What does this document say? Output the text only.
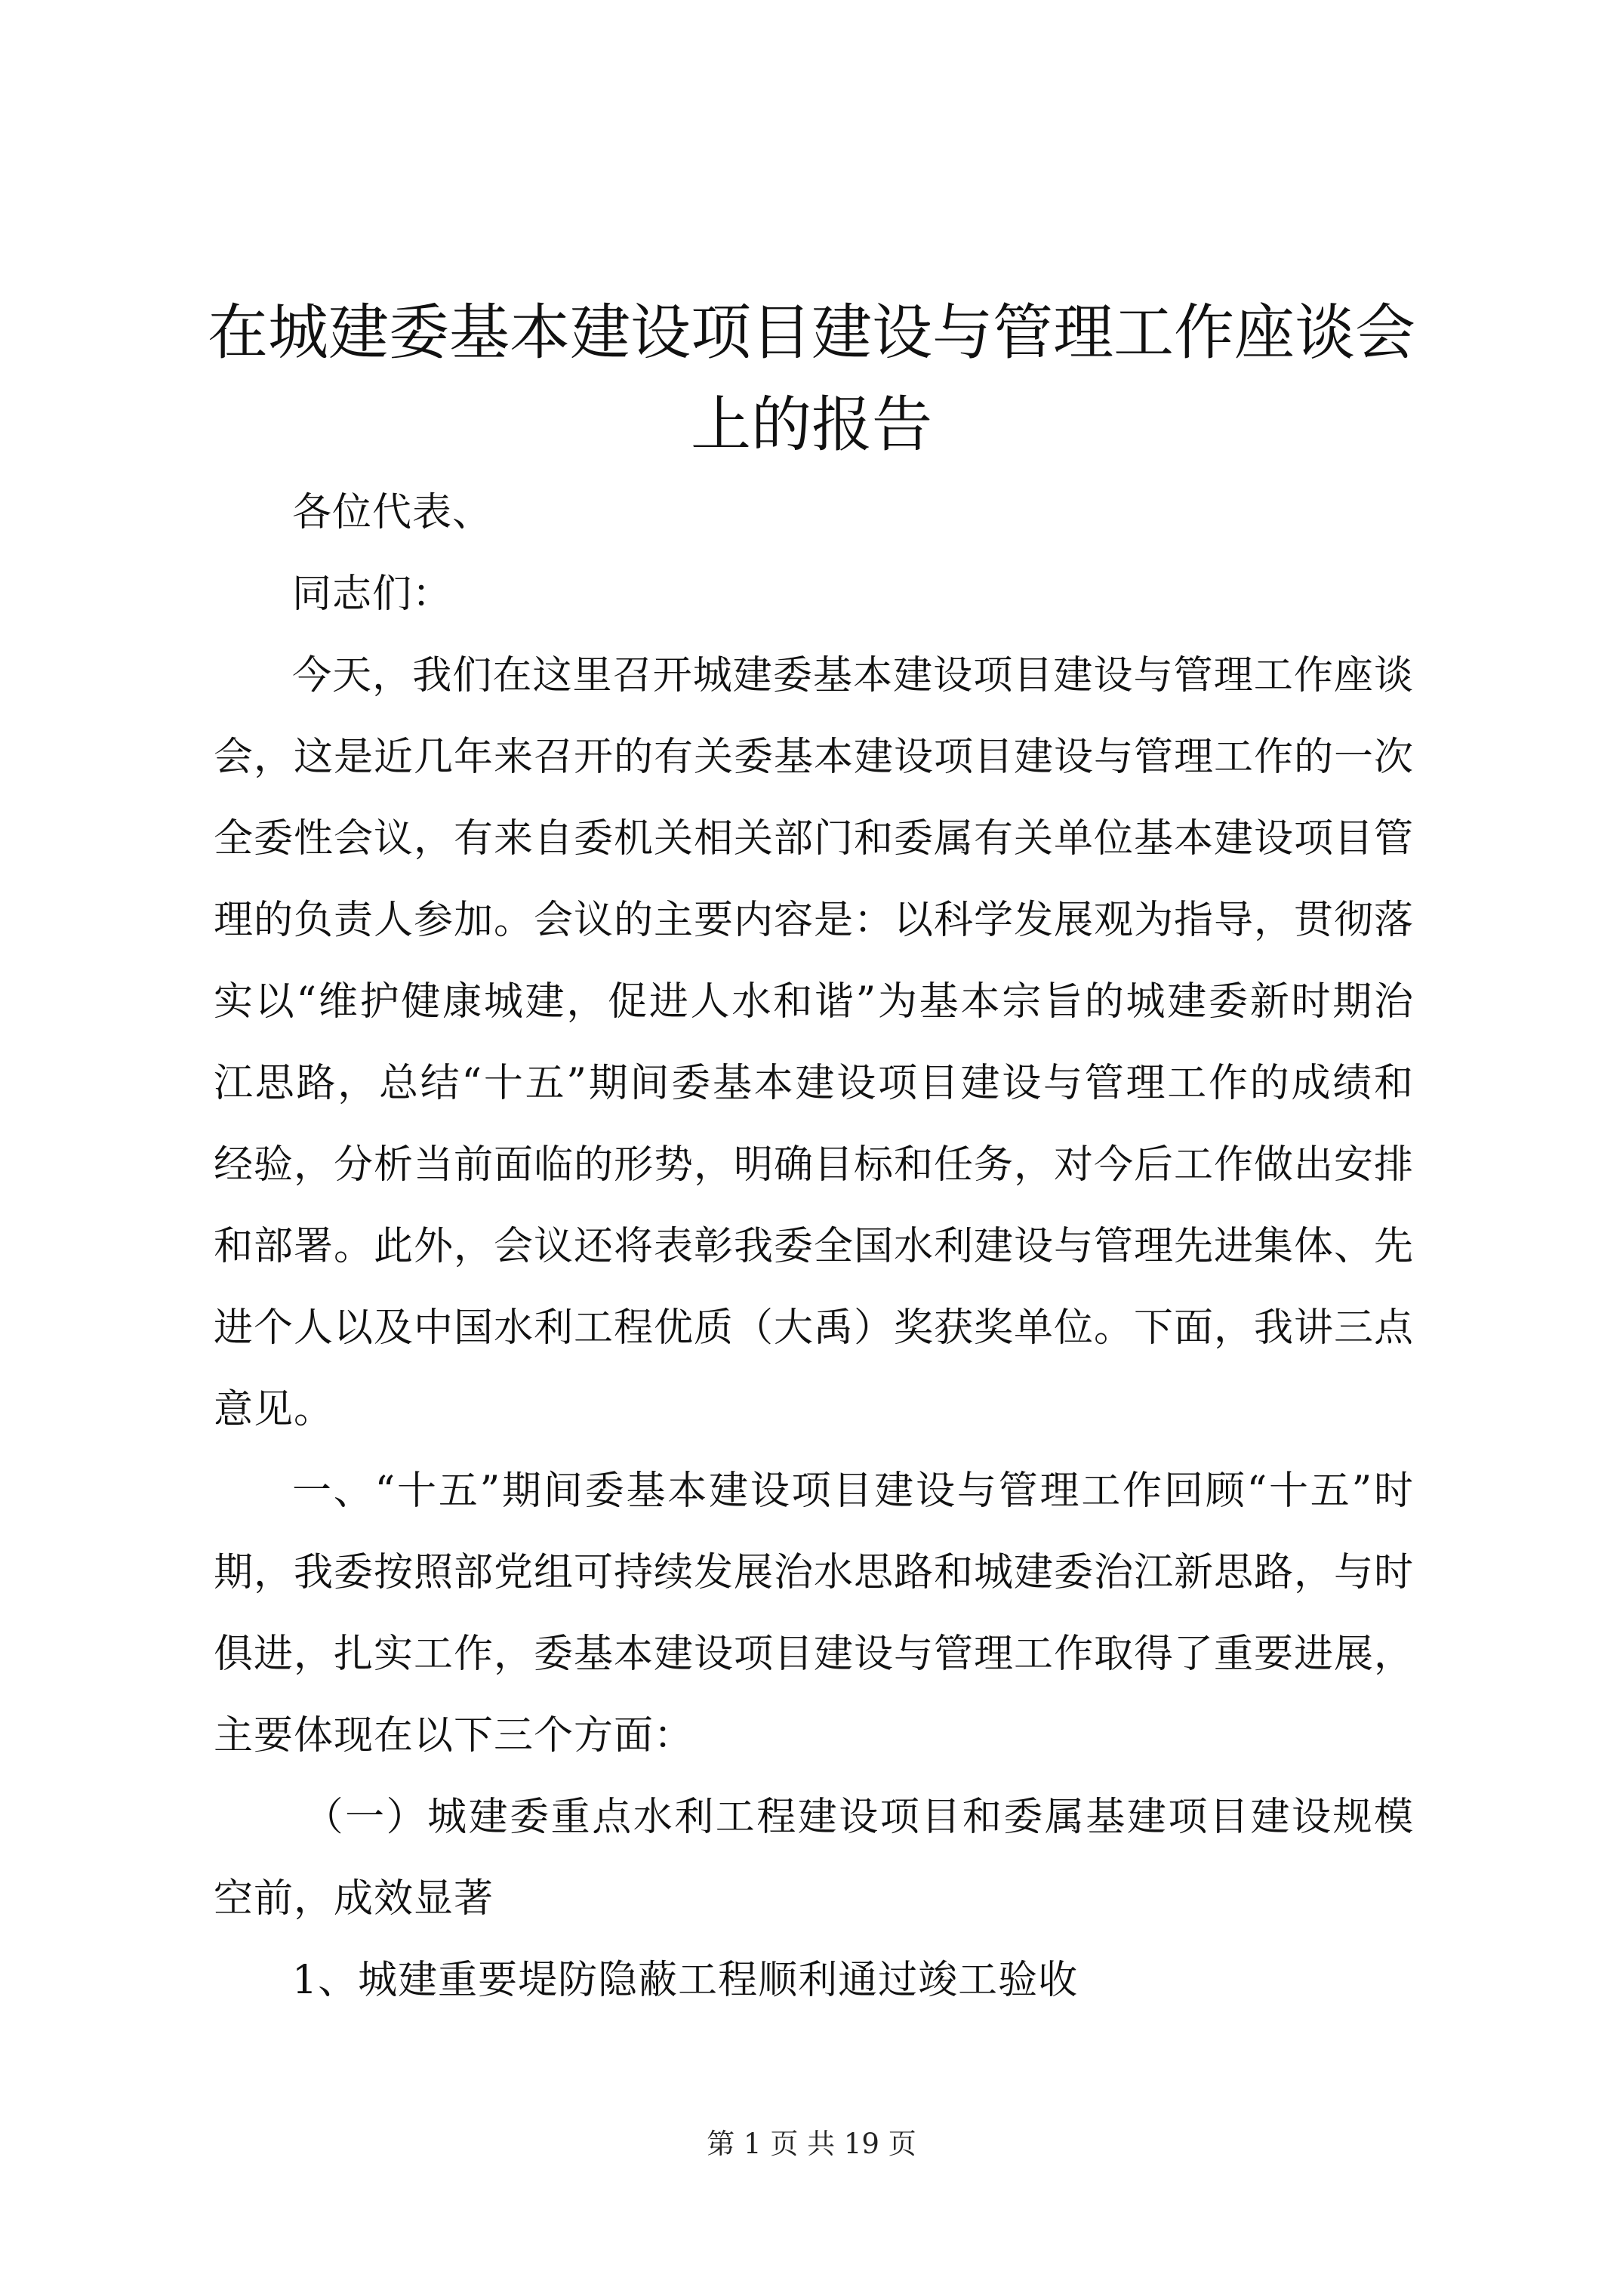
在城建委基本建设项目建设与管理工作座谈会上的报告

各位代表、

同志们：

今天，我们在这里召开城建委基本建设项目建设与管理工作座谈会，这是近几年来召开的有关委基本建设项目建设与管理工作的一次全委性会议，有来自委机关相关部门和委属有关单位基本建设项目管理的负责人参加。会议的主要内容是：以科学发展观为指导，贯彻落实以“维护健康城建，促进人水和谐”为基本宗旨的城建委新时期治江思路，总结“十五”期间委基本建设项目建设与管理工作的成绩和经验，分析当前面临的形势，明确目标和任务，对今后工作做出安排和部署。此外，会议还将表彰我委全国水利建设与管理先进集体、先进个人以及中国水利工程优质（大禹）奖获奖单位。下面，我讲三点意见。

一、“十五”期间委基本建设项目建设与管理工作回顾“十五”时期，我委按照部党组可持续发展治水思路和城建委治江新思路，与时俱进，扎实工作，委基本建设项目建设与管理工作取得了重要进展，主要体现在以下三个方面：

（一）城建委重点水利工程建设项目和委属基建项目建设规模空前，成效显著

1、城建重要堤防隐蔽工程顺利通过竣工验收

第 1 页 共 19 页
